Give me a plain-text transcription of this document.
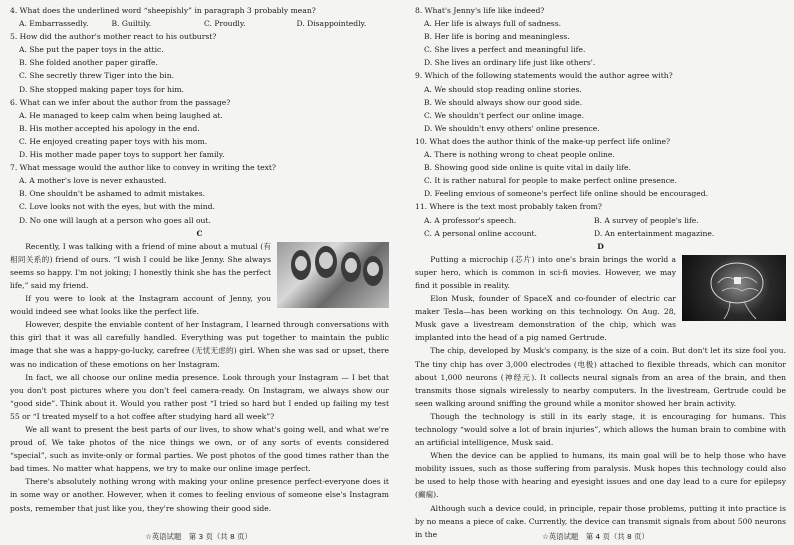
4. What does the underlined word “sheepishly” in paragraph 3 probably mean?

A. Embarrassedly.	B. Guiltily.	C. Proudly.	D. Disappointedly.

5. How did the author's mother react to his outburst?

A. She put the paper toys in the attic.

B. She folded another paper giraffe.

C. She secretly threw Tiger into the bin.

D. She stopped making paper toys for him.

6. What can we infer about the author from the passage?

A. He managed to keep calm when being laughed at.

B. His mother accepted his apology in the end.

C. He enjoyed creating paper toys with his mom.

D. His mother made paper toys to support her family.

7. What message would the author like to convey in writing the text?

A. A mother's love is never exhausted.

B. One shouldn't be ashamed to admit mistakes.

C. Love looks not with the eyes, but with the mind.

D. No one will laugh at a person who goes all out.

C

Recently, I was talking with a friend of mine about a mutual (有相同关系的) friend of ours. “I wish I could be like Jenny. She always seems so happy. I'm not joking; I honestly think she has the perfect life,” said my friend.

If you were to look at the Instagram account of Jenny, you would indeed see what looks like the perfect life.

However, despite the enviable content of her Instagram, I learned through conversations with this girl that it was all carefully handled. Everything was put together to maintain the public image that she was a happy-go-lucky, carefree (无忧无虑的) girl. When she was sad or upset, there was no indication of these emotions on her Instagram.

In fact, we all choose our online media presence. Look through your Instagram — I bet that you don't post pictures where you don't feel camera-ready. On Instagram, we always show our “good side”. Think about it. Would you rather post “I tried so hard but I ended up failing my test 55 or “I treated myself to a hot coffee after studying hard all week”?

We all want to present the best parts of our lives, to show what's going well, and what we're proud of. We take photos of the nice things we own, or of any sorts of events considered “special”, such as invite-only or formal parties. We post photos of the good times rather than the bad times. No matter what happens, we try to make our online image perfect.

There's absolutely nothing wrong with making your online presence perfect-everyone does it in some way or another. However, when it comes to feeling envious of someone else's Instagram posts, remember that just like you, they're showing their good side.

☆英语试题　第 3 页（共 8 页）

8. What's Jenny's life like indeed?

A. Her life is always full of sadness.

B. Her life is boring and meaningless.

C. She lives a perfect and meaningful life.

D. She lives an ordinary life just like others'.

9. Which of the following statements would the author agree with?

A. We should stop reading online stories.

B. We should always show our good side.

C. We shouldn't perfect our online image.

D. We shouldn't envy others' online presence.

10. What does the author think of the make-up perfect life online?

A. There is nothing wrong to cheat people online.

B. Showing good side online is quite vital in daily life.

C. It is rather natural for people to make perfect online presence.

D. Feeling envious of someone's perfect life online should be encouraged.

11. Where is the text most probably taken from?

A. A professor's speech.	B. A survey of people's life.
C. A personal online account.	D. An entertainment magazine.

D

Putting a microchip (芯片) into one's brain brings the world a super hero, which is common in sci-fi movies. However, we may find it possible in reality.

Elon Musk, founder of SpaceX and co-founder of electric car maker Tesla—has been working on this technology. On Aug. 28, Musk gave a livestream demonstration of the chip, which was implanted into the head of a pig named Gertrude.

The chip, developed by Musk's company, is the size of a coin. But don't let its size fool you. The tiny chip has over 3,000 electrodes (电极) attached to flexible threads, which can monitor about 1,000 neurons (神经元). It collects neural signals from an area of the brain, and then transmits those signals wirelessly to nearby computers. In the livestream, Gertrude could be seen walking around sniffing the ground while a monitor showed her brain activity.

Though the technology is still in its early stage, it is encouraging for humans. This technology “would solve a lot of brain injuries”, which allows the human brain to combine with an artificial intelligence, Musk said.

When the device can be applied to humans, its main goal will be to help those who have mobility issues, such as those suffering from paralysis. Musk hopes this technology could also be used to help those with hearing and eyesight issues and one day lead to a cure for epilepsy (癫痫).

Although such a device could, in principle, repair those problems, putting it into practice is by no means a piece of cake. Currently, the device can transmit signals from about 500 neurons in the	☆英语试题　第 4 页（共 8 页）
